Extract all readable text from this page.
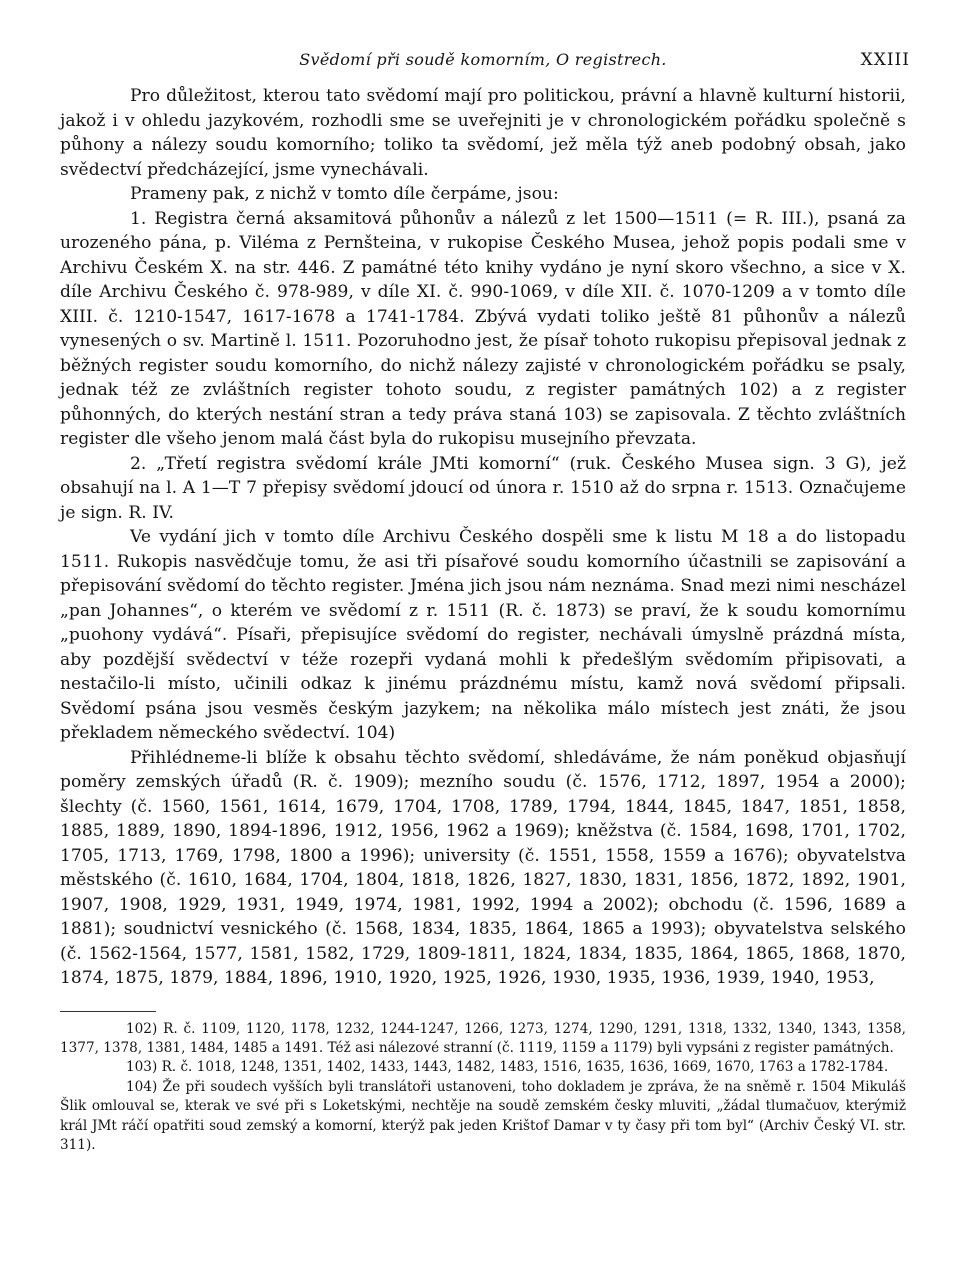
Svědomí při soudě komorním, O registrech.	XXIII

Pro důležitost, kterou tato svědomí mají pro politickou, právní a hlavně kulturní historii, jakož i v ohledu jazykovém, rozhodli sme se uveřejniti je v chronologickém pořádku společně s půhony a nálezy soudu komorního; toliko ta svědomí, jež měla týž aneb podobný obsah, jako svědectví předcházející, jsme vynechávali.

Prameny pak, z nichž v tomto díle čerpáme, jsou:

1. Registra černá aksamitová půhonův a nálezů z let 1500—1511 (= R. III.), psaná za urozeného pána, p. Viléma z Pernšteina, v rukopise Českého Musea, jehož popis podali sme v Archivu Českém X. na str. 446. Z památné této knihy vydáno je nyní skoro všechno, a sice v X. díle Archivu Českého č. 978-989, v díle XI. č. 990-1069, v díle XII. č. 1070-1209 a v tomto díle XIII. č. 1210-1547, 1617-1678 a 1741-1784. Zbývá vydati toliko ještě 81 půhonův a nálezů vynesených o sv. Martině l. 1511. Pozoruhodno jest, že písař tohoto rukopisu přepisoval jednak z běžných register soudu komorního, do nichž nálezy zajisté v chronologickém pořádku se psaly, jednak též ze zvláštních register tohoto soudu, z register památných 102) a z register půhonných, do kterých nestání stran a tedy práva staná 103) se zapisovala. Z těchto zvláštních register dle všeho jenom malá část byla do rukopisu musejního převzata.

2. „Třetí registra svědomí krále JMti komorní“ (ruk. Českého Musea sign. 3 G), jež obsahují na l. A 1—T 7 přepisy svědomí jdoucí od února r. 1510 až do srpna r. 1513. Označujeme je sign. R. IV.

Ve vydání jich v tomto díle Archivu Českého dospěli sme k listu M 18 a do listopadu 1511. Rukopis nasvědčuje tomu, že asi tři písařové soudu komorního účastnili se zapisování a přepisování svědomí do těchto register. Jména jich jsou nám neznáma. Snad mezi nimi nescházel „pan Johannes“, o kterém ve svědomí z r. 1511 (R. č. 1873) se praví, že k soudu komornímu „puohony vydává“. Písaři, přepisujíce svědomí do register, nechávali úmyslně prázdná místa, aby pozdější svědectví v téže rozepři vydaná mohli k předešlým svědomím připisovati, a nestačilo-li místo, učinili odkaz k jinému prázdnému místu, kamž nová svědomí připsali. Svědomí psána jsou vesměs českým jazykem; na několika málo místech jest znáti, že jsou překladem německého svědectví. 104)

Přihlédneme-li blíže k obsahu těchto svědomí, shledáváme, že nám poněkud objasňují poměry zemských úřadů (R. č. 1909); mezního soudu (č. 1576, 1712, 1897, 1954 a 2000); šlechty (č. 1560, 1561, 1614, 1679, 1704, 1708, 1789, 1794, 1844, 1845, 1847, 1851, 1858, 1885, 1889, 1890, 1894-1896, 1912, 1956, 1962 a 1969); kněžstva (č. 1584, 1698, 1701, 1702, 1705, 1713, 1769, 1798, 1800 a 1996); university (č. 1551, 1558, 1559 a 1676); obyvatelstva městského (č. 1610, 1684, 1704, 1804, 1818, 1826, 1827, 1830, 1831, 1856, 1872, 1892, 1901, 1907, 1908, 1929, 1931, 1949, 1974, 1981, 1992, 1994 a 2002); obchodu (č. 1596, 1689 a 1881); soudnictví vesnického (č. 1568, 1834, 1835, 1864, 1865 a 1993); obyvatelstva selského (č. 1562-1564, 1577, 1581, 1582, 1729, 1809-1811, 1824, 1834, 1835, 1864, 1865, 1868, 1870, 1874, 1875, 1879, 1884, 1896, 1910, 1920, 1925, 1926, 1930, 1935, 1936, 1939, 1940, 1953,

102) R. č. 1109, 1120, 1178, 1232, 1244-1247, 1266, 1273, 1274, 1290, 1291, 1318, 1332, 1340, 1343, 1358, 1377, 1378, 1381, 1484, 1485 a 1491. Též asi nálezové stranní (č. 1119, 1159 a 1179) byli vypsáni z register památných.

103) R. č. 1018, 1248, 1351, 1402, 1433, 1443, 1482, 1483, 1516, 1635, 1636, 1669, 1670, 1763 a 1782-1784.

104) Že při soudech vyšších byli translátoři ustanoveni, toho dokladem je zpráva, že na sněmě r. 1504 Mikuláš Šlik omlouval se, kterak ve své při s Loketskými, nechtěje na soudě zemském česky mluviti, „žádal tlumačuov, kterýmiž král JMt ráčí opatřiti soud zemský a komorní, kterýž pak jeden Krištof Damar v ty časy při tom byl“ (Archiv Český VI. str. 311).
